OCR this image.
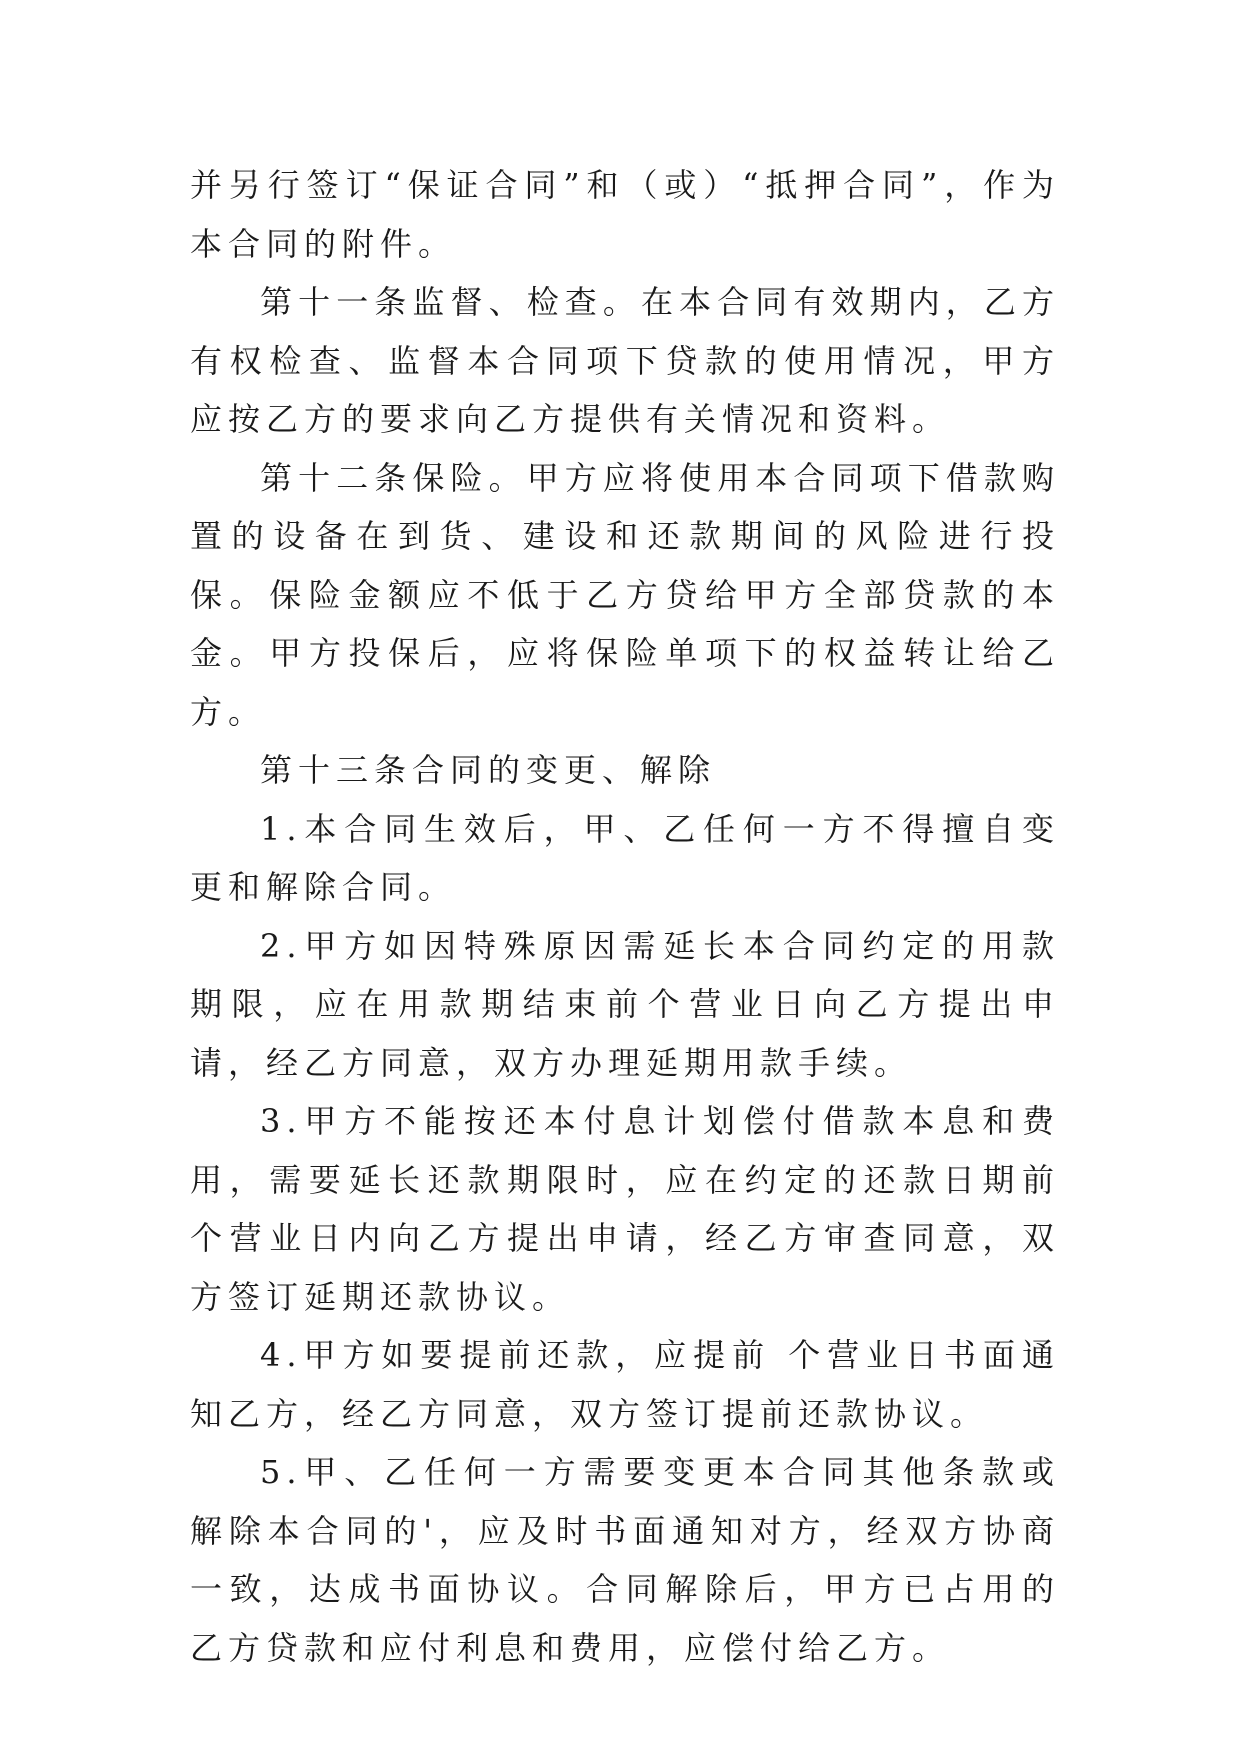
并另行签订“保证合同”和（或）“抵押合同”，作为本合同的附件。

第十一条监督、检查。在本合同有效期内，乙方有权检查、监督本合同项下贷款的使用情况，甲方应按乙方的要求向乙方提供有关情况和资料。

第十二条保险。甲方应将使用本合同项下借款购置的设备在到货、建设和还款期间的风险进行投保。保险金额应不低于乙方贷给甲方全部贷款的本金。甲方投保后，应将保险单项下的权益转让给乙方。

第十三条合同的变更、解除

1.本合同生效后，甲、乙任何一方不得擅自变更和解除合同。

2.甲方如因特殊原因需延长本合同约定的用款期限，应在用款期结束前个营业日向乙方提出申请，经乙方同意，双方办理延期用款手续。

3.甲方不能按还本付息计划偿付借款本息和费用，需要延长还款期限时，应在约定的还款日期前个营业日内向乙方提出申请，经乙方审查同意，双方签订延期还款协议。

4.甲方如要提前还款，应提前 个营业日书面通知乙方，经乙方同意，双方签订提前还款协议。

5.甲、乙任何一方需要变更本合同其他条款或解除本合同的'，应及时书面通知对方，经双方协商一致，达成书面协议。合同解除后，甲方已占用的乙方贷款和应付利息和费用，应偿付给乙方。
